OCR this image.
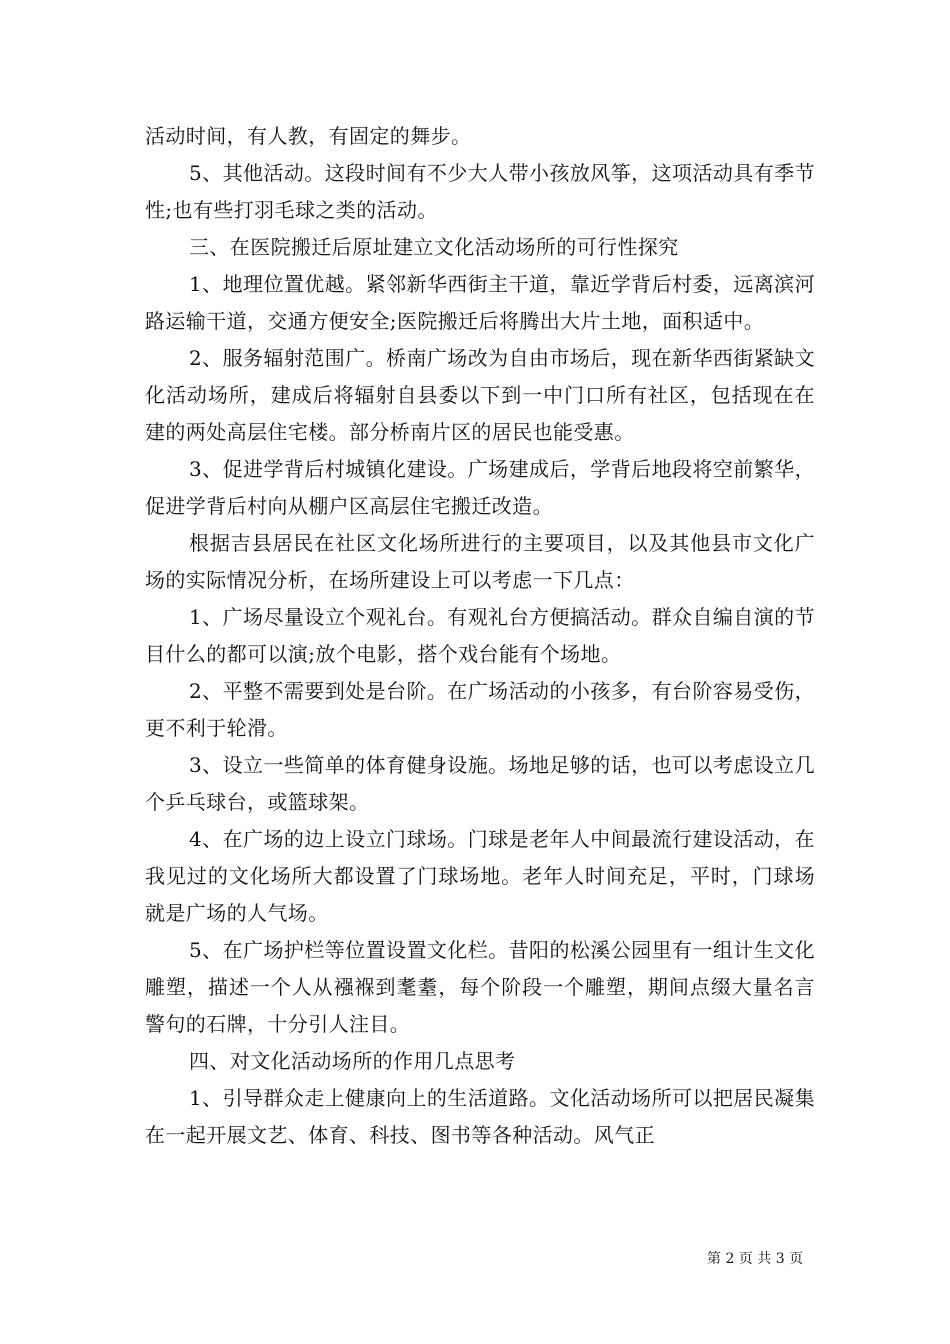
活动时间，有人教，有固定的舞步。

5、其他活动。这段时间有不少大人带小孩放风筝，这项活动具有季节性;也有些打羽毛球之类的活动。

三、在医院搬迁后原址建立文化活动场所的可行性探究

1、地理位置优越。紧邻新华西街主干道，靠近学背后村委，远离滨河路运输干道，交通方便安全;医院搬迁后将腾出大片土地，面积适中。

2、服务辐射范围广。桥南广场改为自由市场后，现在新华西街紧缺文化活动场所，建成后将辐射自县委以下到一中门口所有社区，包括现在在建的两处高层住宅楼。部分桥南片区的居民也能受惠。

3、促进学背后村城镇化建设。广场建成后，学背后地段将空前繁华，促进学背后村向从棚户区高层住宅搬迁改造。

根据吉县居民在社区文化场所进行的主要项目，以及其他县市文化广场的实际情况分析，在场所建设上可以考虑一下几点：

1、广场尽量设立个观礼台。有观礼台方便搞活动。群众自编自演的节目什么的都可以演;放个电影，搭个戏台能有个场地。

2、平整不需要到处是台阶。在广场活动的小孩多，有台阶容易受伤，更不利于轮滑。

3、设立一些简单的体育健身设施。场地足够的话，也可以考虑设立几个乒乓球台，或篮球架。

4、在广场的边上设立门球场。门球是老年人中间最流行建设活动，在我见过的文化场所大都设置了门球场地。老年人时间充足，平时，门球场就是广场的人气场。

5、在广场护栏等位置设置文化栏。昔阳的松溪公园里有一组计生文化雕塑，描述一个人从襁褓到耄耋，每个阶段一个雕塑，期间点缀大量名言警句的石牌，十分引人注目。

四、对文化活动场所的作用几点思考

1、引导群众走上健康向上的生活道路。文化活动场所可以把居民凝集在一起开展文艺、体育、科技、图书等各种活动。风气正

第 2 页 共 3 页
